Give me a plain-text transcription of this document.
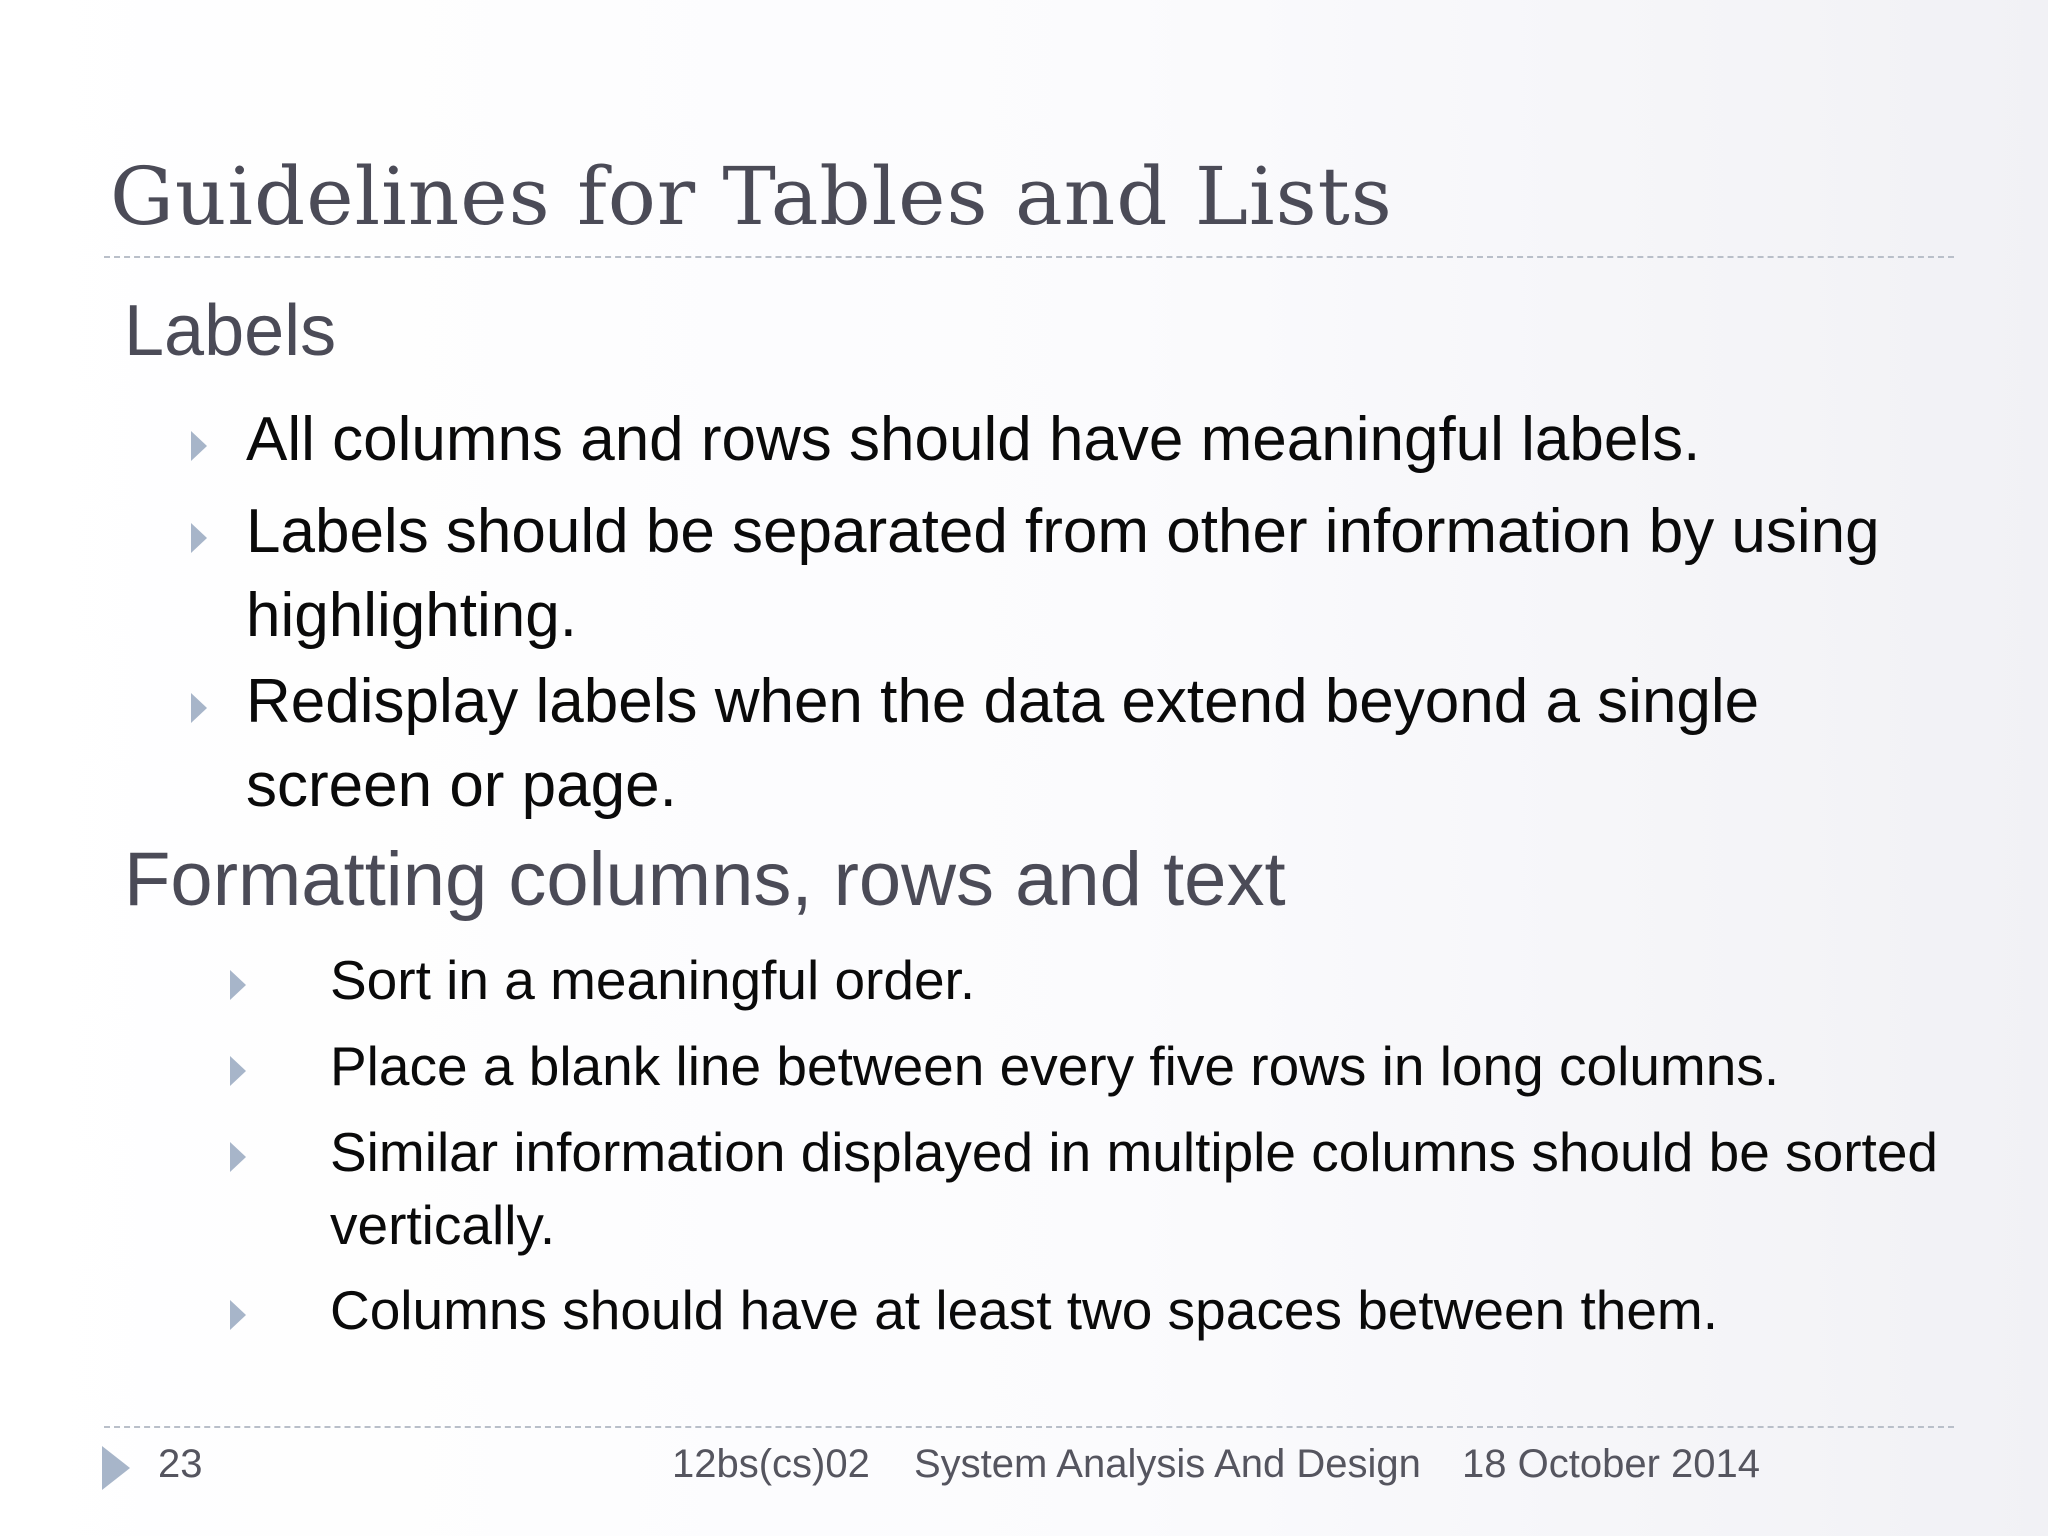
Guidelines for Tables and Lists
Labels
All columns and rows should have meaningful labels.
Labels should be separated from other information by using highlighting.
Redisplay labels when the data extend beyond a single screen or page.
Formatting columns, rows and text
Sort in a meaningful order.
Place a blank line between every five rows in long columns.
Similar information displayed in multiple columns should be sorted vertically.
Columns should have at least two spaces between them.
23	12bs(cs)02 System Analysis And Design 18 October 2014
